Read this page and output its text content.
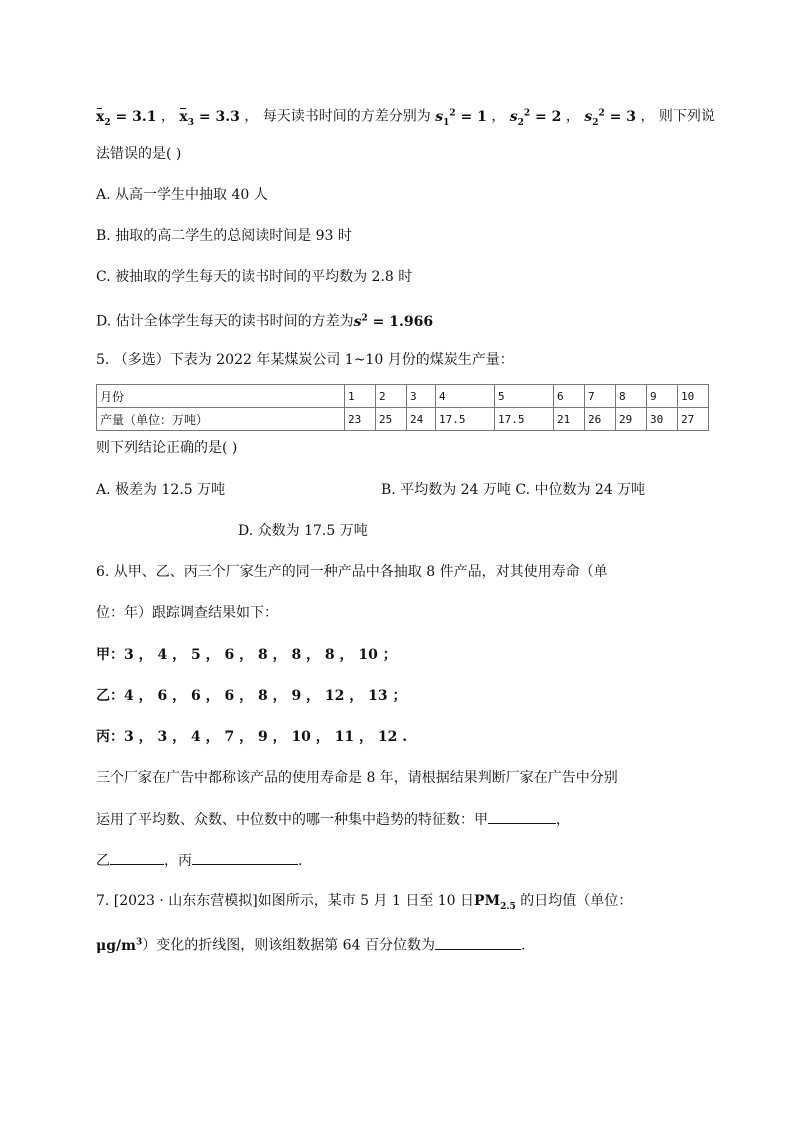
$x_2 = 3.1$ ， $x_3 = 3.3$ ， 每天读书时间的方差分别为 $s_1^2 = 1$ ， $s_2^2 = 2$ ， $s_2^2 = 3$ ， 则下列说
法错误的是( )
A. 从高一学生中抽取 40 人
B. 抽取的高二学生的总阅读时间是 93 时
C. 被抽取的学生每天的读书时间的平均数为 2.8 时
D. 估计全体学生每天的读书时间的方差为$s^2 = 1.966$
5. （多选）下表为 2022 年某煤炭公司 1~10 月份的煤炭生产量：
月份	1	2	3	4	5	6	7	8	9	10
产量（单位：万吨）	23	25	24	17.5	17.5	21	26	29	30	27
则下列结论正确的是( )
A. 极差为 12.5 万吨	B. 平均数为 24 万吨 C. 中位数为 24 万吨
D. 众数为 17.5 万吨
6. 从甲、乙、丙三个厂家生产的同一种产品中各抽取 8 件产品，对其使用寿命（单
位：年）跟踪调查结果如下：
甲：3 ， 4 ， 5 ， 6 ， 8 ， 8 ， 8 ， 10 ；
乙：4 ， 6 ， 6 ， 6 ， 8 ， 9 ， 12 ， 13 ；
丙：3 ， 3 ， 4 ， 7 ， 9 ， 10 ， 11 ， 12 .
三个厂家在广告中都称该产品的使用寿命是 8 年，请根据结果判断厂家在广告中分别
运用了平均数、众数、中位数中的哪一种集中趋势的特征数：甲	，
乙	，丙	.
7. [2023 · 山东东营模拟]如图所示，某市 5 月 1 日至 10 日$PM_{2.5}$ 的日均值（单位：
$\mu g/m^3$）变化的折线图，则该组数据第 64 百分位数为	.
